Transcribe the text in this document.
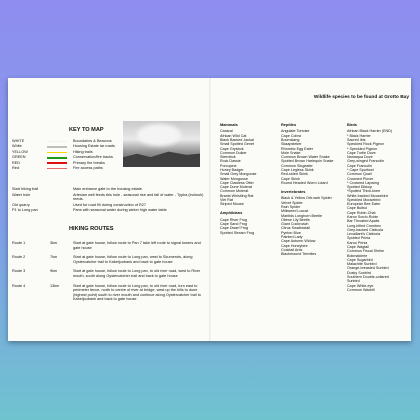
KEY TO MAP
WHITE	Boundaries & Beacons
White	Housing Estate tar roads
YELLOW	Hiking trails
GREEN	Conservation/fire tracks
RED	Primary fire breaks
Red	Fire access paths
Start hiking trail	Main entrance gate to the housing estate.
Water hole	Artesian well feeds this hole - seasonal rise and fall of water - Typha (bulrush) reeds.
Old quarry	Used for road fill during construction of R27
P1 to Long pan	Pans with seasonal water during winter high water table
HIKING ROUTES
Route 1	3km	Start at gate house, follow route to Pan 7 take left route to signal towers and gate house
Route 2	7km	Start at gate house, follow route to Long pan, west to Skumerots, along Oystercatcher trail to Kabeljoubank and back to gate house
Route 3	9km	Start at gate house, follow route to Long pan, to old river road, west to River mouth, south along Oystercatcher trail and back to gate house
Route 4	13km	Start at gate house, follow route to Long pan, to old river road, turn east to perimeter fence, north to centre of river at bridge, west up the hills to dune (highest point) south to river mouth and continue along Oystercatcher trail to Kabeljoubank and back to gate house
Wildlife species to be found at Grotto Bay
Mammals
Caracal
African Wild Cat
Black Backed Jackal
Small Spotted Genet
Cape Grysbok
Common Duiker
Steenbok
Rock Dassie
Porcupine
Honey Badger
Small Grey Mongoose
Water Mongoose
Cape Clawless Otter
Cape Dune Molerat
Common Molerat
Brants Whistling Rat
Vlei Rat
Striped Mouse
Amphibians
Cape River Frog
Cape Sand Frog
Cape Dwarf Frog
Spotted Stream Frog
Reptiles
Angulate Tortoise
Cape Cobra
Boomslang
Skaapsteker
Rhombic Egg Eater
Mole Snake
Common Brown Water Snake
Spotted Brown Harlequin Snake
Common Slugeater
Cape Legless Skink
Red-sided Skink
Cape Skink
Round Headed Worm Lizard
Invertebrates
Black & Yellow Orb-web Spider
Velvet Spider
Rain Spider
Milkweed Locust
Mantids Longhorn Beetle
Obese Lily Beetle
Giant Cockroach
Citrus Swallowtail
Pynton Blue
Painted Lady
Cape Autumn Widow
Cape Honeybee
Cocktail Ants
Blackmound Termites
Birds
African Black Harrier (END)
* Black Harrier
Sacred Ibis
Speckled Rock Pigeon
* Speckled Pigeon
Cape Turtle Dove
Namaqua Dove
Grey-winged Francolin
Cape Francolin
* Cape Spurfowl
Common Quail
Crowned Plover
* Crowned Lapwing
Spotted Dikkop
*Spotted Thick-knee
White-backed Mousebird
Speckled Mousebird
European Bee Eater
Cape Bulbul
Cape Robin-Chat
Karoo Scrub-Robin
Bar Throated Apalis
Long-billed Crombec
Grey-backed Cisticola
Levaillant's Cisticola
Spotted Prinia
Karoo Prinia
Cape Wagtail
Common Fiscal Shrike
Bokmakierie
Cape Sugarbird
Malachite Sunbird
Orange-breasted Sunbird
Dusky Sunbird
Southern Double-collared
Sunbird
Cape White-eye
Common Waxbill
